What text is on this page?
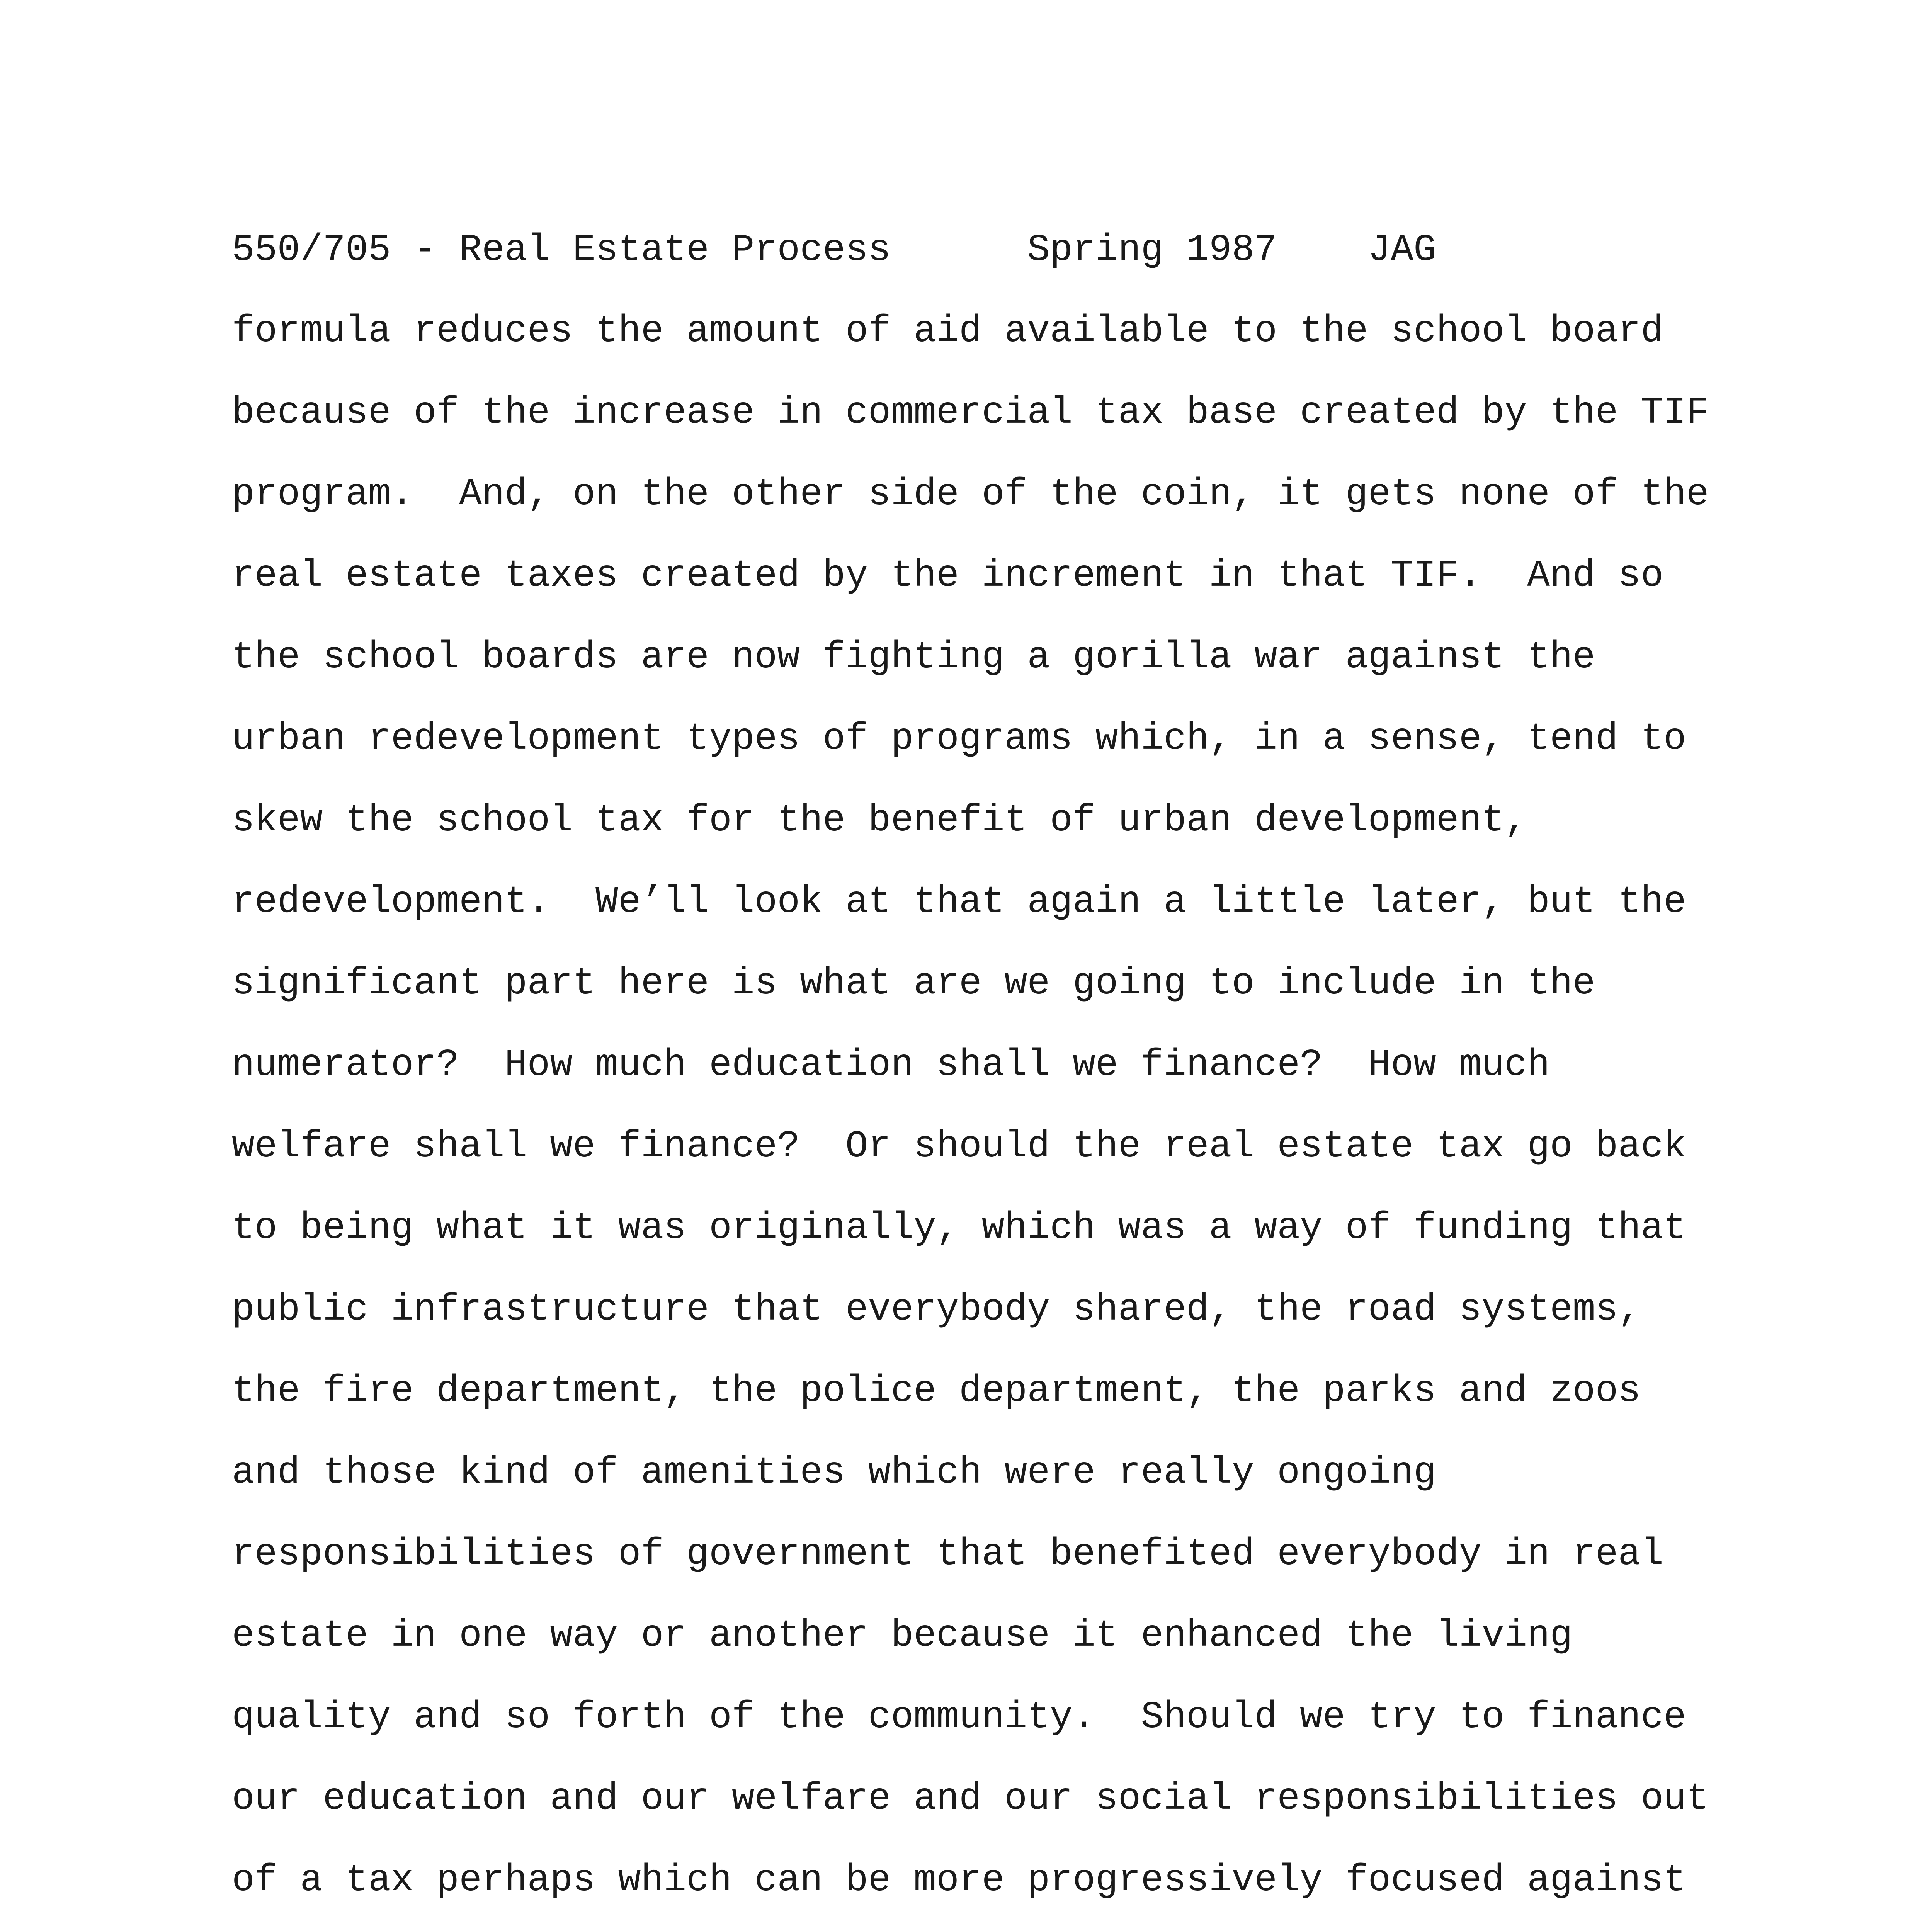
550/705 - Real Estate Process      Spring 1987    JAG
formula reduces the amount of aid available to the school board
because of the increase in commercial tax base created by the TIF
program.  And, on the other side of the coin, it gets none of the
real estate taxes created by the increment in that TIF.  And so
the school boards are now fighting a gorilla war against the
urban redevelopment types of programs which, in a sense, tend to
skew the school tax for the benefit of urban development,
redevelopment.  We’ll look at that again a little later, but the
significant part here is what are we going to include in the
numerator?  How much education shall we finance?  How much
welfare shall we finance?  Or should the real estate tax go back
to being what it was originally, which was a way of funding that
public infrastructure that everybody shared, the road systems,
the fire department, the police department, the parks and zoos
and those kind of amenities which were really ongoing
responsibilities of government that benefited everybody in real
estate in one way or another because it enhanced the living
quality and so forth of the community.  Should we try to finance
our education and our welfare and our social responsibilities out
of a tax perhaps which can be more progressively focused against
